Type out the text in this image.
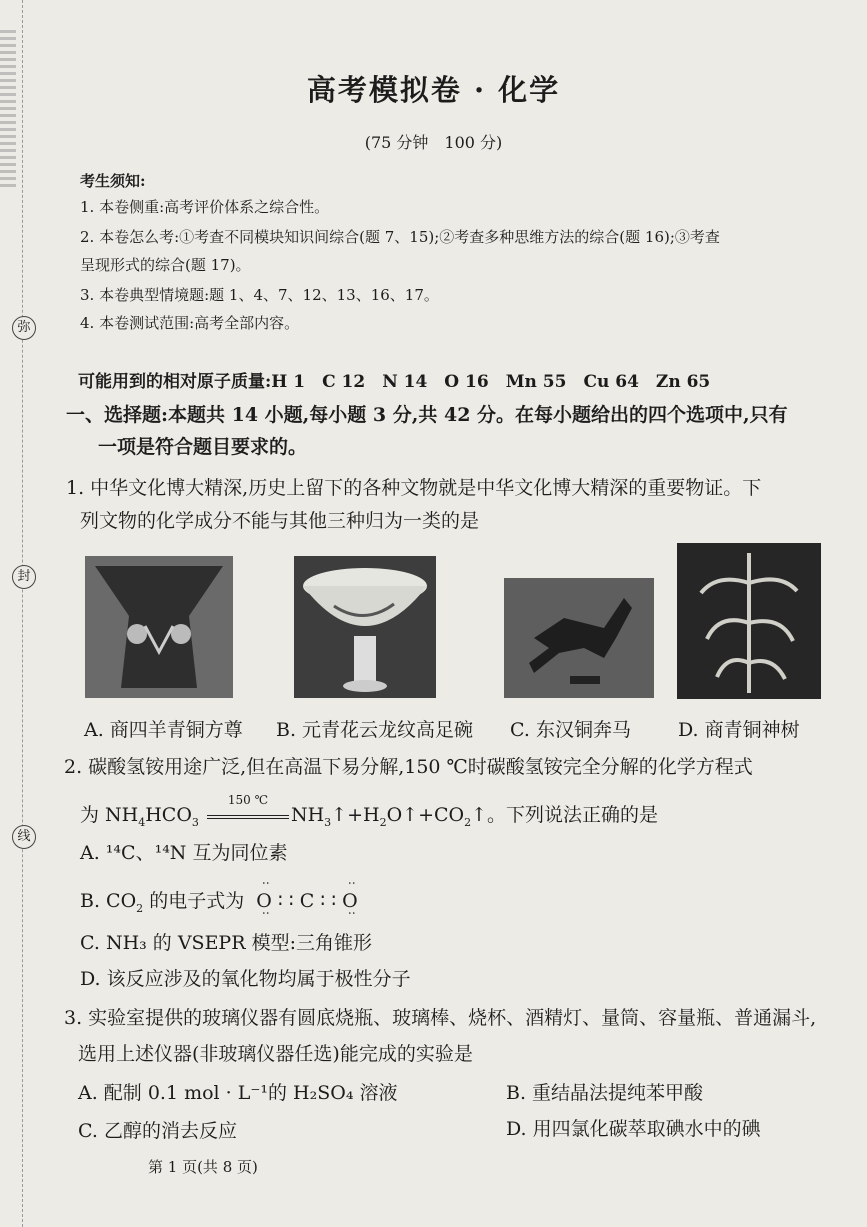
弥
封
线
高考模拟卷 · 化学
(75 分钟　100 分)
考生须知:
1. 本卷侧重:高考评价体系之综合性。
2. 本卷怎么考:①考查不同模块知识间综合(题 7、15);②考查多种思维方法的综合(题 16);③考查
呈现形式的综合(题 17)。
3. 本卷典型情境题:题 1、4、7、12、13、16、17。
4. 本卷测试范围:高考全部内容。
可能用到的相对原子质量:H 1　C 12　N 14　O 16　Mn 55　Cu 64　Zn 65
一、选择题:本题共 14 小题,每小题 3 分,共 42 分。在每小题给出的四个选项中,只有
一项是符合题目要求的。
1. 中华文化博大精深,历史上留下的各种文物就是中华文化博大精深的重要物证。下
列文物的化学成分不能与其他三种归为一类的是
A. 商四羊青铜方尊 B. 元青花云龙纹高足碗 C. 东汉铜奔马 D. 商青铜神树
2. 碳酸氢铵用途广泛,但在高温下易分解,150 ℃时碳酸氢铵完全分解的化学方程式
为 $NH_4HCO_3$
150 ℃
$NH_3↑+H_2O↑+CO_2↑$。下列说法正确的是
A. ¹⁴C、¹⁴N 互为同位素
B. $CO_2$ 的电子式为 : O :∶∶C∶∶: O :
C. NH₃ 的 VSEPR 模型:三角锥形
D. 该反应涉及的氧化物均属于极性分子
3. 实验室提供的玻璃仪器有圆底烧瓶、玻璃棒、烧杯、酒精灯、量筒、容量瓶、普通漏斗,
选用上述仪器(非玻璃仪器任选)能完成的实验是
A. 配制 0.1 mol · L⁻¹的 H₂SO₄ 溶液	B. 重结晶法提纯苯甲酸
C. 乙醇的消去反应	D. 用四氯化碳萃取碘水中的碘
第 1 页(共 8 页)
